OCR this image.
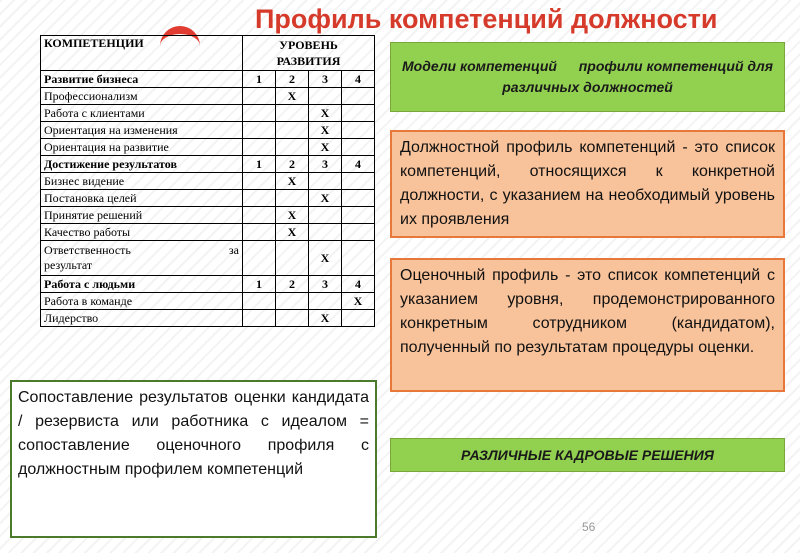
Профиль компетенций должности
КОМПЕТЕНЦИИ	УРОВЕНЬ
РАЗВИТИЯ			

Развитие бизнеса	1	2	3	4
Профессионализм		Х		
Работа с клиентами			Х	
Ориентация на изменения			Х	
Ориентация на развитие			Х	
Достижение результатов	1	2	3	4
Бизнес видение		Х		
Постановка целей			Х	
Принятие решений		Х		
Качество работы		Х		

Ответственность за
результат			Х	
Работа с людьми	1	2	3	4
Работа в команде				Х
Лидерство			Х	
Модели компетенций   профили компетенций для различных должностей
Должностной профиль компетенций - это список компетенций, относящихся к конкретной должности, с указанием на необходимый уровень их проявления
Оценочный профиль - это список компетенций с указанием уровня, продемонстрированного конкретным сотрудником (кандидатом), полученный по результатам процедуры оценки.
Сопоставление результатов оценки кандидата / резервиста или работника с идеалом = сопоставление оценочного профиля с должностным профилем компетенций
РАЗЛИЧНЫЕ КАДРОВЫЕ РЕШЕНИЯ
56
